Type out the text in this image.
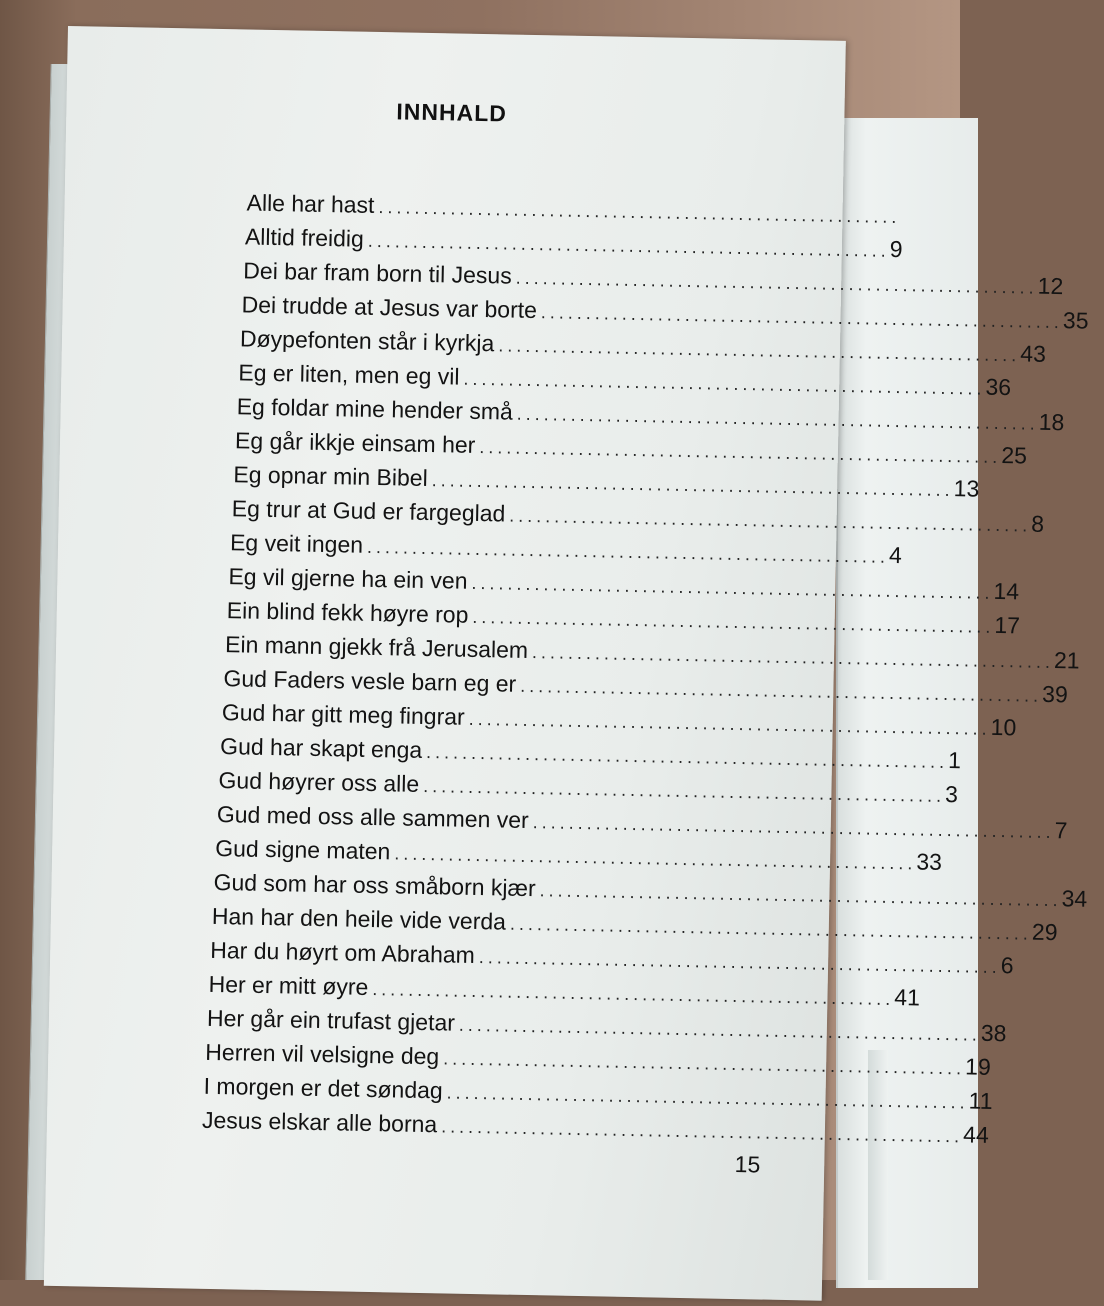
INNHALD
Alle har hast ..........................................................
Alltid freidig .......................................................... 9
Dei bar fram born til Jesus .......................................................... 12
Dei trudde at Jesus var borte .......................................................... 35
Døypefonten står i kyrkja .......................................................... 43
Eg er liten, men eg vil .......................................................... 36
Eg foldar mine hender små .......................................................... 18
Eg går ikkje einsam her .......................................................... 25
Eg opnar min Bibel .......................................................... 13
Eg trur at Gud er fargeglad .......................................................... 8
Eg veit ingen .......................................................... 4
Eg vil gjerne ha ein ven .......................................................... 14
Ein blind fekk høyre rop .......................................................... 17
Ein mann gjekk frå Jerusalem .......................................................... 21
Gud Faders vesle barn eg er .......................................................... 39
Gud har gitt meg fingrar .......................................................... 10
Gud har skapt enga .......................................................... 1
Gud høyrer oss alle .......................................................... 3
Gud med oss alle sammen ver .......................................................... 7
Gud signe maten .......................................................... 33
Gud som har oss småborn kjær .......................................................... 34
Han har den heile vide verda .......................................................... 29
Har du høyrt om Abraham .......................................................... 6
Her er mitt øyre .......................................................... 41
Her går ein trufast gjetar .......................................................... 38
Herren vil velsigne deg .......................................................... 19
I morgen er det søndag .......................................................... 11
Jesus elskar alle borna .......................................................... 44
15
